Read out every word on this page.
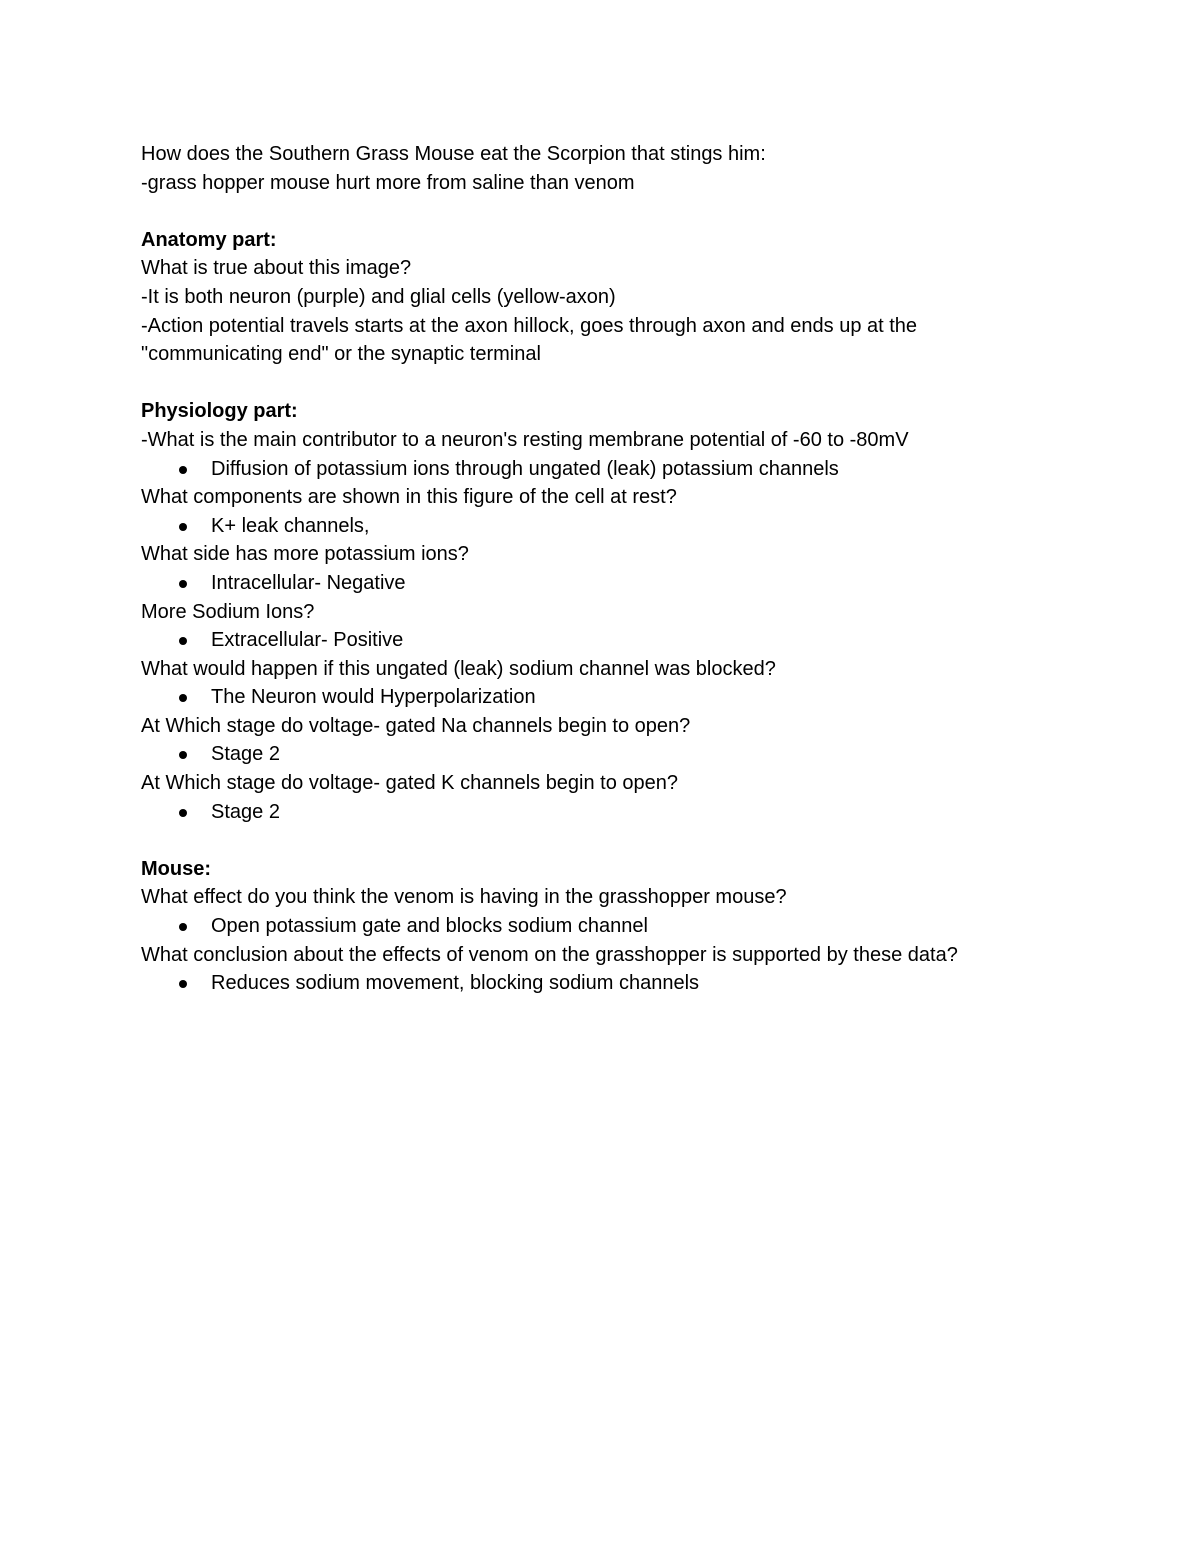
How does the Southern Grass Mouse eat the Scorpion that stings him:
-grass hopper mouse hurt more from saline than venom
Anatomy part:
What is true about this image?
-It is both neuron (purple) and glial cells (yellow-axon)
-Action potential travels starts at the axon hillock, goes through axon and ends up at the
"communicating end" or the synaptic terminal
Physiology part:
-What is the main contributor to a neuron's resting membrane potential of -60 to -80mV
Diffusion of potassium ions through ungated (leak) potassium channels
What components are shown in this figure of the cell at rest?
K+ leak channels,
What side has more potassium ions?
Intracellular- Negative
More Sodium Ions?
Extracellular- Positive
What would happen if this ungated (leak) sodium channel was blocked?
The Neuron would Hyperpolarization
At Which stage do voltage- gated Na channels begin to open?
Stage 2
At Which stage do voltage- gated K channels begin to open?
Stage 2
Mouse:
What effect do you think the venom is having in the grasshopper mouse?
Open potassium gate and blocks sodium channel
What conclusion about the effects of venom on the grasshopper is supported by these data?
Reduces sodium movement, blocking sodium channels
